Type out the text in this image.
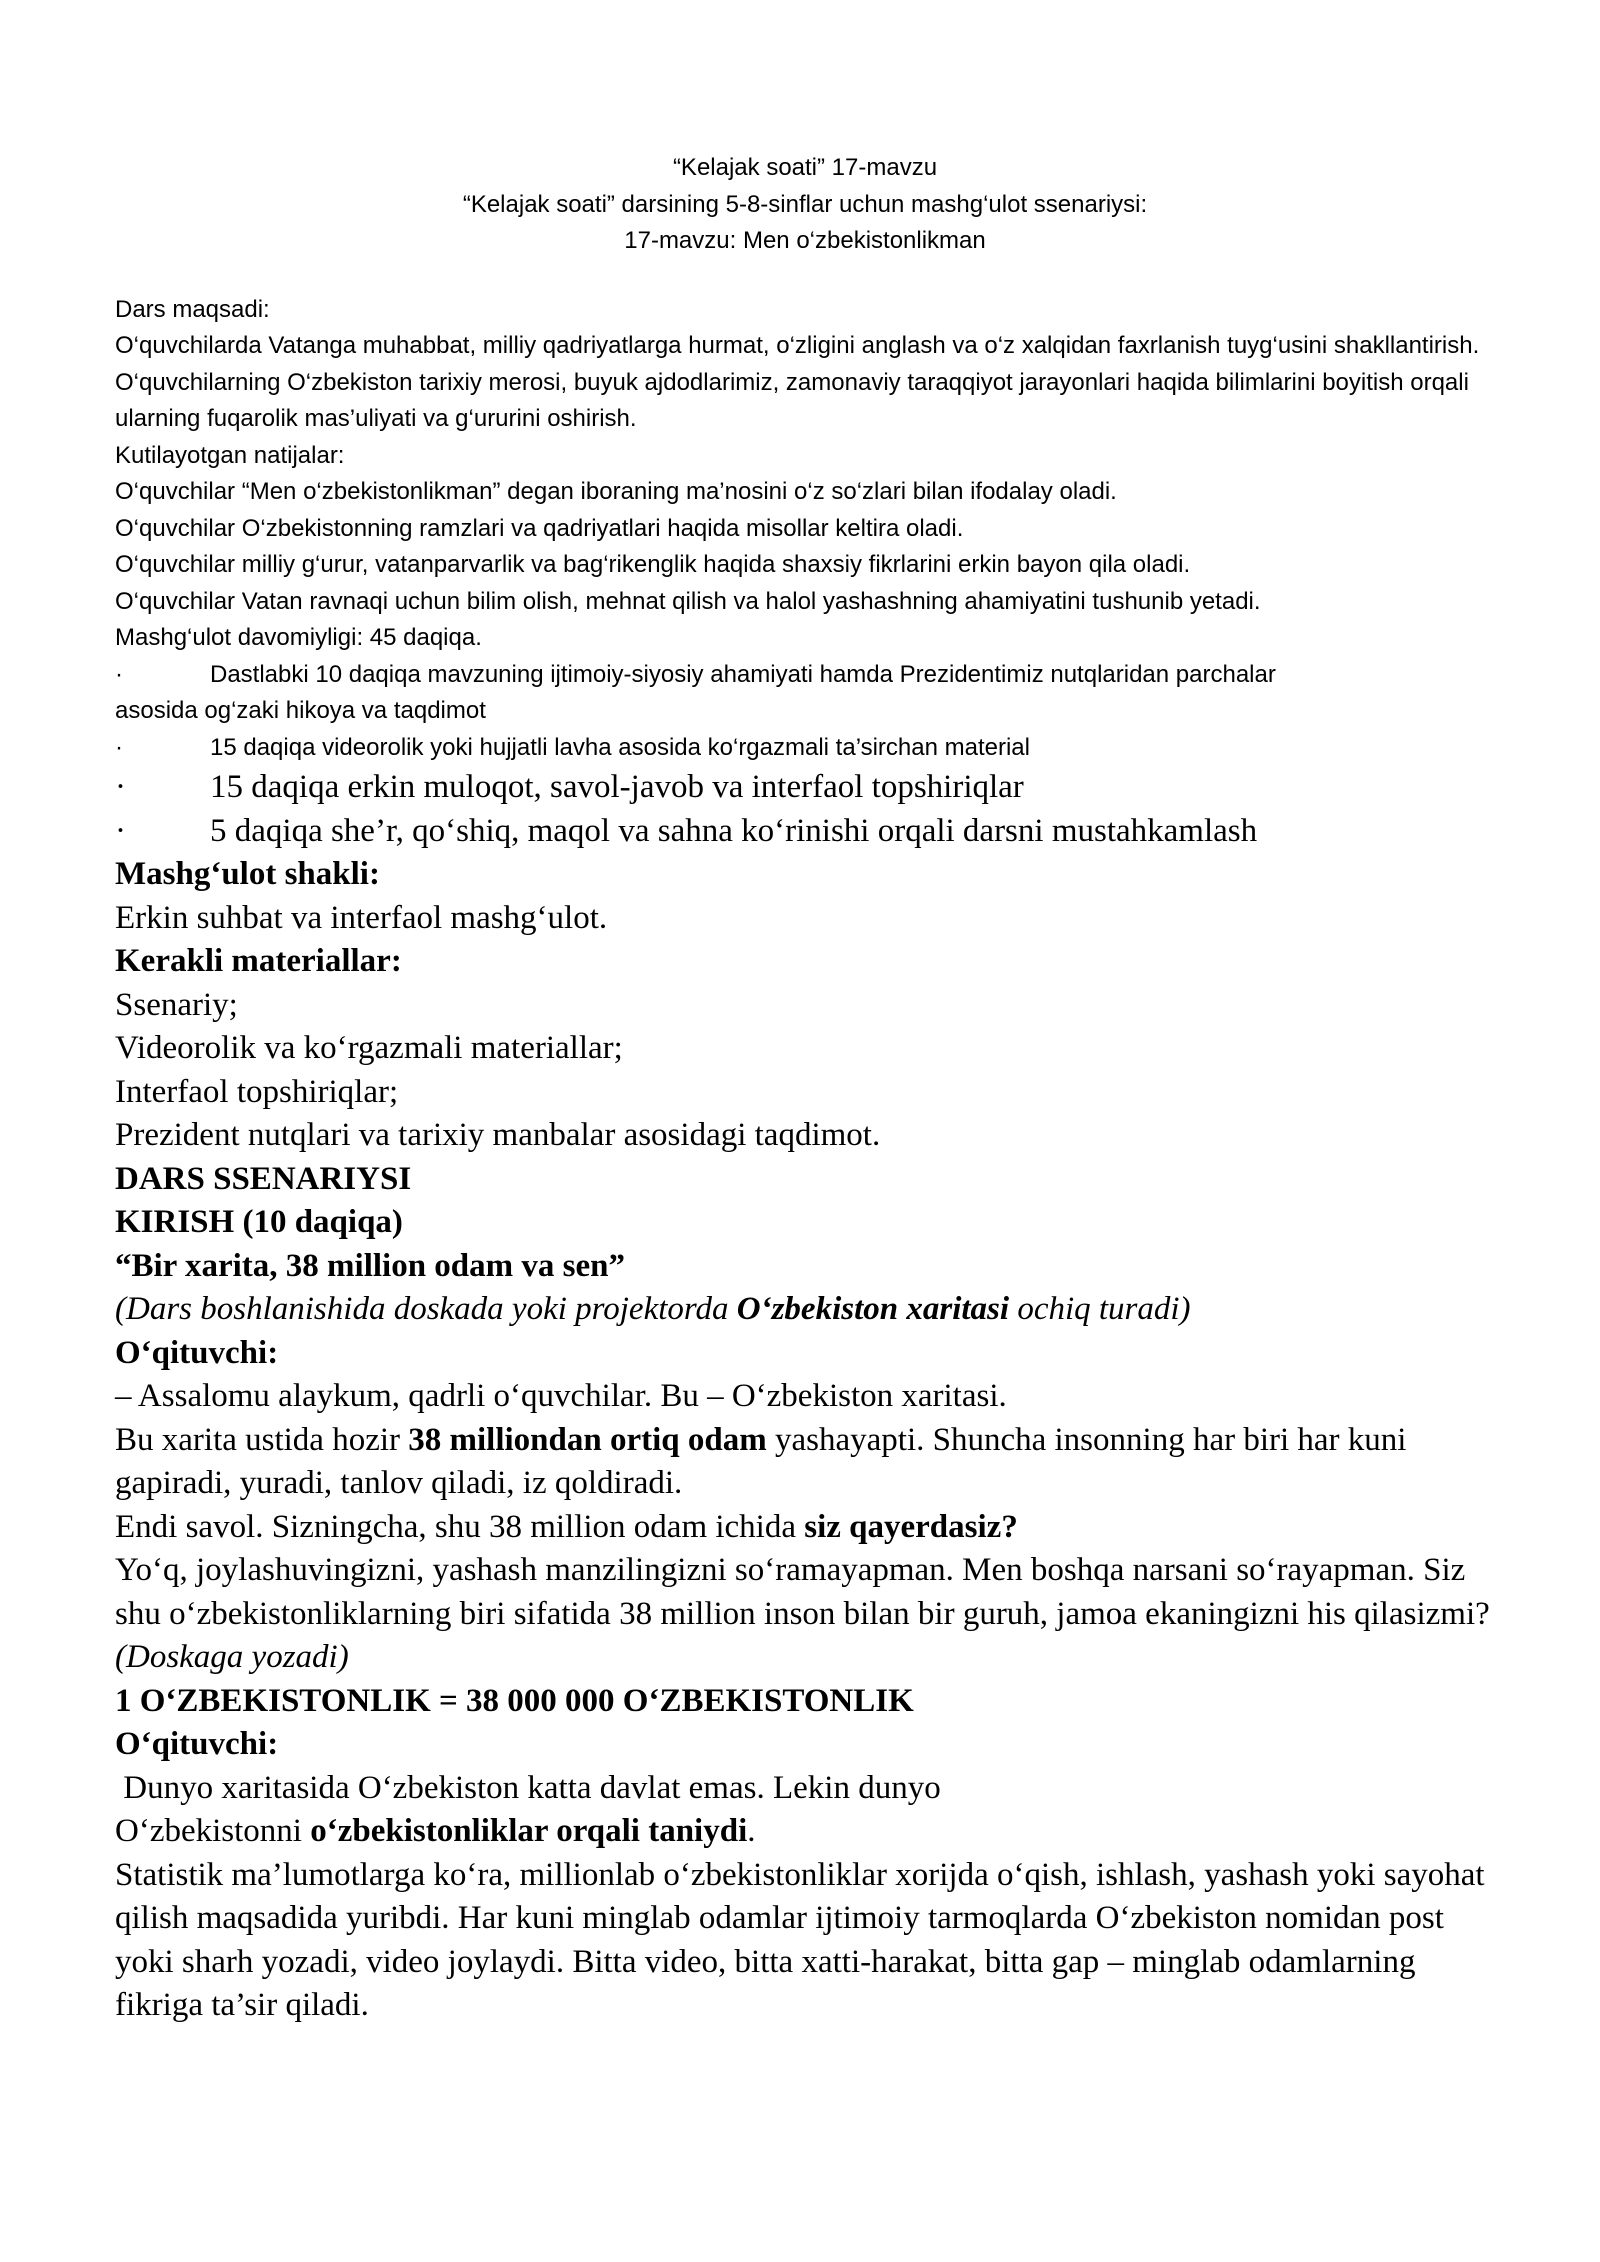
“Kelajak soati” 17-mavzu

“Kelajak soati” darsining 5-8-sinflar uchun mashg‘ulot ssenariysi:

17-mavzu: Men o‘zbekistonlikman

Dars maqsadi:

O‘quvchilarda Vatanga muhabbat, milliy qadriyatlarga hurmat, o‘zligini anglash va o‘z xalqidan faxrlanish tuyg‘usini shakllantirish. O‘quvchilarning O‘zbekiston tarixiy merosi, buyuk ajdodlarimiz, zamonaviy taraqqiyot jarayonlari haqida bilimlarini boyitish orqali ularning fuqarolik mas’uliyati va g‘ururini oshirish.

Kutilayotgan natijalar:

O‘quvchilar “Men o‘zbekistonlikman” degan iboraning ma’nosini o‘z so‘zlari bilan ifodalay oladi.

O‘quvchilar O‘zbekistonning ramzlari va qadriyatlari haqida misollar keltira oladi.

O‘quvchilar milliy g‘urur, vatanparvarlik va bag‘rikenglik haqida shaxsiy fikrlarini erkin bayon qila oladi.

O‘quvchilar Vatan ravnaqi uchun bilim olish, mehnat qilish va halol yashashning ahamiyatini tushunib yetadi.

Mashg‘ulot davomiyligi: 45 daqiqa.

·	Dastlabki 10 daqiqa mavzuning ijtimoiy-siyosiy ahamiyati hamda Prezidentimiz nutqlaridan parchalar

asosida og‘zaki hikoya va taqdimot

·	15 daqiqa videorolik yoki hujjatli lavha asosida ko‘rgazmali ta’sirchan material
·	15 daqiqa erkin muloqot, savol-javob va interfaol topshiriqlar
·	5 daqiqa she’r, qo‘shiq, maqol va sahna ko‘rinishi orqali darsni mustahkamlash

Mashg‘ulot shakli:

Erkin suhbat va interfaol mashg‘ulot.

Kerakli materiallar:

Ssenariy;

Videorolik va ko‘rgazmali materiallar;

Interfaol topshiriqlar;

Prezident nutqlari va tarixiy manbalar asosidagi taqdimot.

DARS SSENARIYSI

KIRISH (10 daqiqa)

“Bir xarita, 38 million odam va sen”

(Dars boshlanishida doskada yoki projektorda O‘zbekiston xaritasi ochiq turadi)

O‘qituvchi:

– Assalomu alaykum, qadrli o‘quvchilar. Bu – O‘zbekiston xaritasi.

Bu xarita ustida hozir 38 milliondan ortiq odam yashayapti. Shuncha insonning har biri har kuni gapiradi, yuradi, tanlov qiladi, iz qoldiradi.

Endi savol. Sizningcha, shu 38 million odam ichida siz qayerdasiz?

Yo‘q, joylashuvingizni, yashash manzilingizni so‘ramayapman. Men boshqa narsani so‘rayapman. Siz shu o‘zbekistonliklarning biri sifatida 38 million inson bilan bir guruh, jamoa ekaningizni his qilasizmi?

(Doskaga yozadi)

1 O‘ZBEKISTONLIK = 38 000 000 O‘ZBEKISTONLIK

O‘qituvchi:

Dunyo xaritasida O‘zbekiston katta davlat emas. Lekin dunyo

O‘zbekistonni o‘zbekistonliklar orqali taniydi.

Statistik ma’lumotlarga ko‘ra, millionlab o‘zbekistonliklar xorijda o‘qish, ishlash, yashash yoki sayohat qilish maqsadida yuribdi. Har kuni minglab odamlar ijtimoiy tarmoqlarda O‘zbekiston nomidan post yoki sharh yozadi, video joylaydi. Bitta video, bitta xatti-harakat, bitta gap – minglab odamlarning fikriga ta’sir qiladi.
